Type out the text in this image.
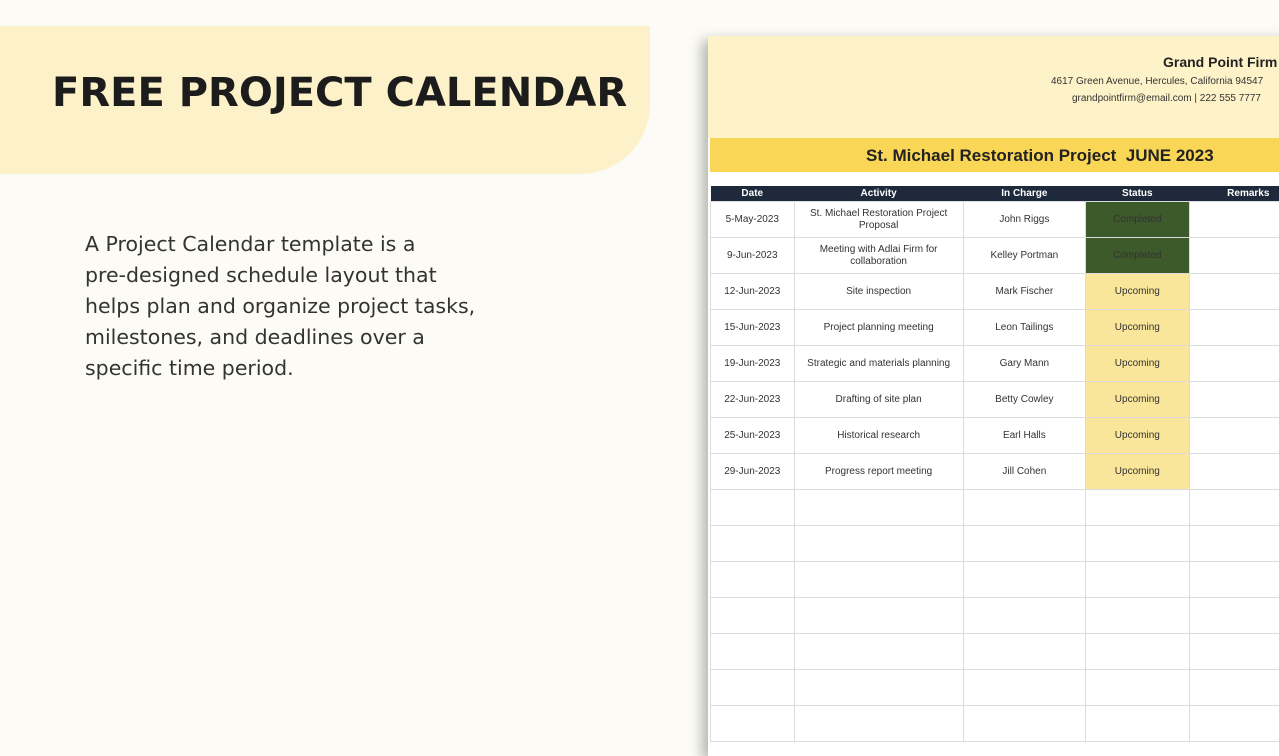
FREE PROJECT CALENDAR

A Project Calendar template is a
pre-designed schedule layout that
helps plan and organize project tasks,
milestones, and deadlines over a
specific time period.

Grand Point Firm
4617 Green Avenue, Hercules, California 94547
grandpointfirm@email.com | 222 555 7777
St. Michael Restoration Project  JUNE 2023
Date	Activity	In Charge	Status	Remarks
5-May-2023	St. Michael Restoration Project Proposal	John Riggs	Completed	
9-Jun-2023	Meeting with Adlai Firm for collaboration	Kelley Portman	Completed	
12-Jun-2023	Site inspection	Mark Fischer	Upcoming	
15-Jun-2023	Project planning meeting	Leon Tailings	Upcoming	
19-Jun-2023	Strategic and materials planning	Gary Mann	Upcoming	
22-Jun-2023	Drafting of site plan	Betty Cowley	Upcoming	
25-Jun-2023	Historical research	Earl Halls	Upcoming	
29-Jun-2023	Progress report meeting	Jill Cohen	Upcoming	
